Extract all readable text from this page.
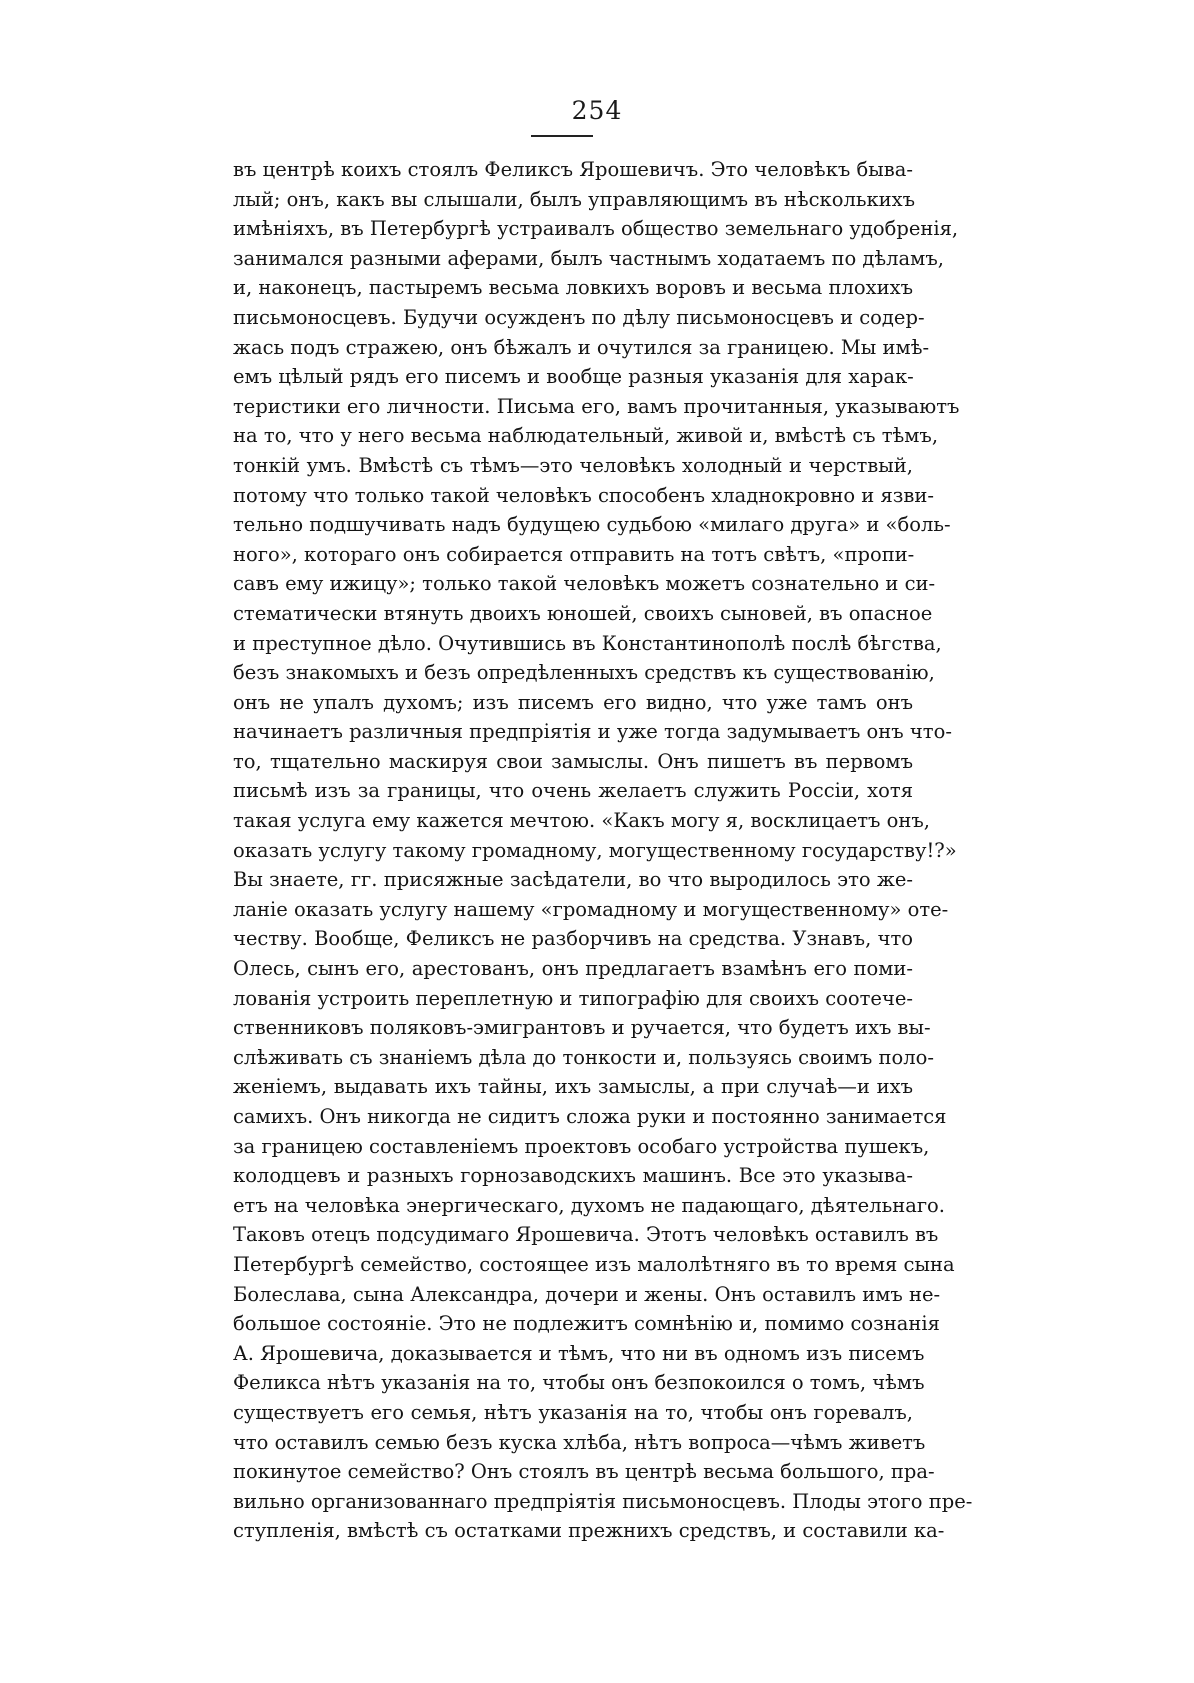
254
въ центрѣ коихъ стоялъ Феликсъ Ярошевичъ. Это человѣкъ бывa-
лый; онъ, какъ вы слышали, былъ управляющимъ въ нѣсколькихъ
имѣніяхъ, въ Петербургѣ устраивалъ общество земельнаго удобренія,
занимался разными аферами, былъ частнымъ ходатаемъ по дѣламъ,
и, наконецъ, пастыремъ весьма ловкихъ воровъ и весьма плохихъ
письмоносцевъ. Будучи осужденъ по дѣлу письмоносцевъ и содер-
жась подъ стражею, онъ бѣжалъ и очутился за границею. Мы имѣ-
емъ цѣлый рядъ его писемъ и вообще разныя указанія для харак-
теристики его личности. Письма его, вамъ прочитанныя, указываютъ
на то, что у него весьма наблюдательный, живой и, вмѣстѣ съ тѣмъ,
тонкій умъ. Вмѣстѣ съ тѣмъ—это человѣкъ холодный и черствый,
потому что только такой человѣкъ способенъ хладнокровно и язви-
тельно подшучивать надъ будущею судьбою «милаго друга» и «боль-
ного», котораго онъ собирается отправить на тотъ свѣтъ, «пропи-
савъ ему ижицу»; только такой человѣкъ можетъ сознательно и си-
стематически втянуть двоихъ юношей, своихъ сыновей, въ опасное
и преступное дѣло. Очутившись въ Константинополѣ послѣ бѣгства,
безъ знакомыхъ и безъ опредѣленныхъ средствъ къ существованію,
онъ не упалъ духомъ; изъ писемъ его видно, что уже тамъ онъ
начинаетъ различныя предпріятія и уже тогда задумываетъ онъ что-
то, тщательно маскируя свои замыслы. Онъ пишетъ въ первомъ
письмѣ изъ за границы, что очень желаетъ служить Россіи, хотя
такая услуга ему кажется мечтою. «Какъ могу я, восклицаетъ онъ,
оказать услугу такому громадному, могущественному государству!?»
Вы знаете, гг. присяжные засѣдатели, во что выродилось это же-
ланіе оказать услугу нашему «громадному и могущественному» оте-
честву. Вообще, Феликсъ не разборчивъ на средства. Узнавъ, что
Олесь, сынъ его, арестованъ, онъ предлагаетъ взамѣнъ его поми-
лованія устроить переплетную и типографію для своихъ соотече-
ственниковъ поляковъ-эмигрантовъ и ручается, что будетъ ихъ вы-
слѣживать съ знаніемъ дѣла до тонкости и, пользуясь своимъ поло-
женіемъ, выдавать ихъ тайны, ихъ замыслы, а при случаѣ—и ихъ
самихъ. Онъ никогда не сидитъ сложа руки и постоянно занимается
за границею составленіемъ проектовъ особаго устройства пушекъ,
колодцевъ и разныхъ горнозаводскихъ машинъ. Все это указыва-
етъ на человѣка энергическаго, духомъ не падающаго, дѣятельнаго.
Таковъ отецъ подсудимаго Ярошевича. Этотъ человѣкъ оставилъ въ
Петербургѣ семейство, состоящее изъ малолѣтняго въ то время сына
Болеслава, сына Александра, дочери и жены. Онъ оставилъ имъ не-
большое состояніе. Это не подлежитъ сомнѣнію и, помимо сознанія
А. Ярошевича, доказывается и тѣмъ, что ни въ одномъ изъ писемъ
Феликса нѣтъ указанія на то, чтобы онъ безпокоился о томъ, чѣмъ
существуетъ его семья, нѣтъ указанія на то, чтобы онъ горевалъ,
что оставилъ семью безъ куска хлѣба, нѣтъ вопроса—чѣмъ живетъ
покинутое семейство? Онъ стоялъ въ центрѣ весьма большого, пра-
вильно организованнаго предпріятія письмоносцевъ. Плоды этого пре-
ступленія, вмѣстѣ съ остатками прежнихъ средствъ, и составили ка-
